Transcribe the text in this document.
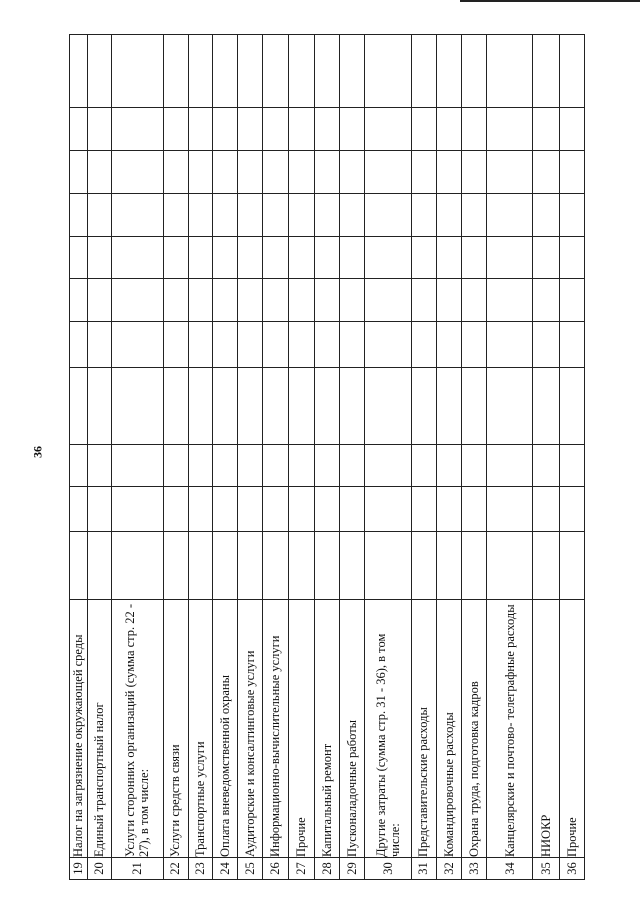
36
19	Налог на загрязнение окружающей среды											
20	Единый транспортный налог											
21	Услуги сторонних организаций (сумма стр. 22 - 27), в том числе:											
22	Услуги средств связи											
23	Транспортные услуги											
24	Оплата вневедомственной охраны											
25	Аудиторские и консалтинговые услуги											
26	Информационно-вычислительные услуги											
27	Прочие											
28	Капитальный ремонт											
29	Пусконаладочные работы											
30	Другие затраты (сумма стр. 31 - 36), в том числе:											
31	Представительские расходы											
32	Командировочные расходы											
33	Охрана труда, подготовка кадров											
34	Канцелярские и почтово- телеграфные расходы											
35	НИОКР											
36	Прочие											
